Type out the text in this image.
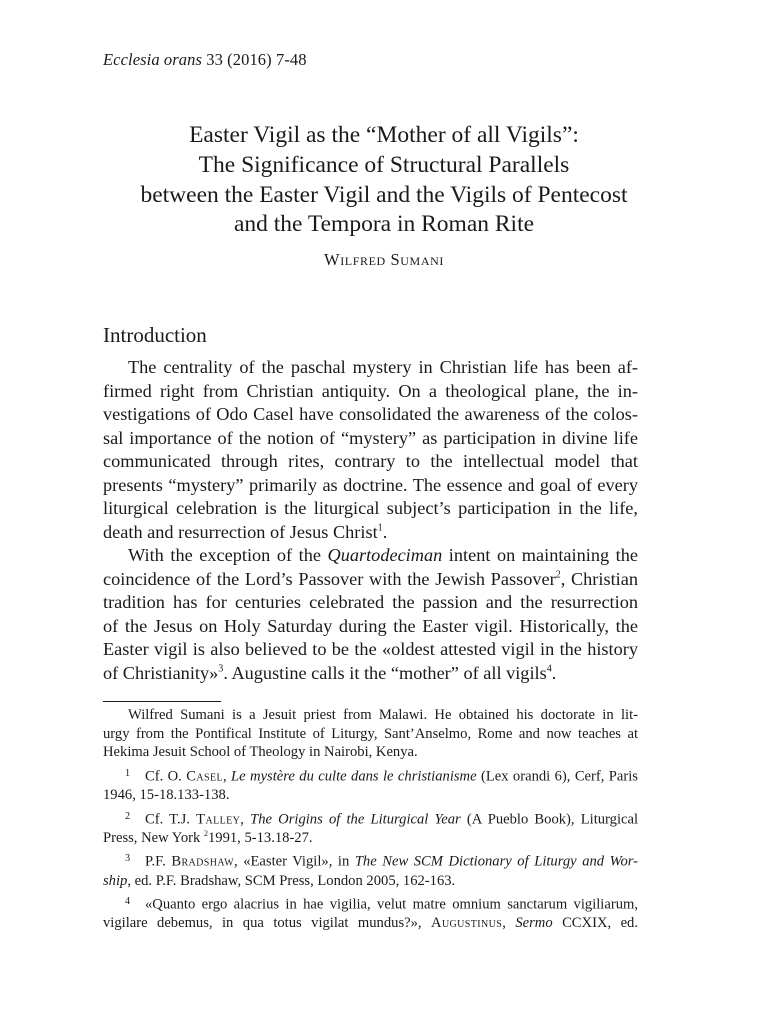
Ecclesia orans 33 (2016) 7-48
Easter Vigil as the “Mother of all Vigils”:
The Significance of Structural Parallels
between the Easter Vigil and the Vigils of Pentecost
and the Tempora in Roman Rite
Wilfred Sumani
Introduction
The centrality of the paschal mystery in Christian life has been af-
firmed right from Christian antiquity. On a theological plane, the in-
vestigations of Odo Casel have consolidated the awareness of the colos-
sal importance of the notion of “mystery” as participation in divine life
communicated through rites, contrary to the intellectual model that
presents “mystery” primarily as doctrine. The essence and goal of every
liturgical celebration is the liturgical subject’s participation in the life,
death and resurrection of Jesus Christ$^1$.
With the exception of the Quartodeciman intent on maintaining the
coincidence of the Lord’s Passover with the Jewish Passover$^2$, Christian
tradition has for centuries celebrated the passion and the resurrection
of the Jesus on Holy Saturday during the Easter vigil. Historically, the
Easter vigil is also believed to be the «oldest attested vigil in the history
of Christianity»$^3$. Augustine calls it the “mother” of all vigils$^4$.
Wilfred Sumani is a Jesuit priest from Malawi. He obtained his doctorate in lit-
urgy from the Pontifical Institute of Liturgy, Sant’Anselmo, Rome and now teaches at
Hekima Jesuit School of Theology in Nairobi, Kenya.
1 Cf. O. Casel, Le mystère du culte dans le christianisme (Lex orandi 6), Cerf, Paris
1946, 15-18.133-138.
2 Cf. T.J. Talley, The Origins of the Liturgical Year (A Pueblo Book), Liturgical
Press, New York $^2$1991, 5-13.18-27.
3 P.F. Bradshaw, «Easter Vigil», in The New SCM Dictionary of Liturgy and Wor-
ship, ed. P.F. Bradshaw, SCM Press, London 2005, 162-163.
4 «Quanto ergo alacrius in hae vigilia, velut matre omnium sanctarum vigiliarum,
vigilare debemus, in qua totus vigilat mundus?», Augustinus, Sermo CCXIX, ed.
